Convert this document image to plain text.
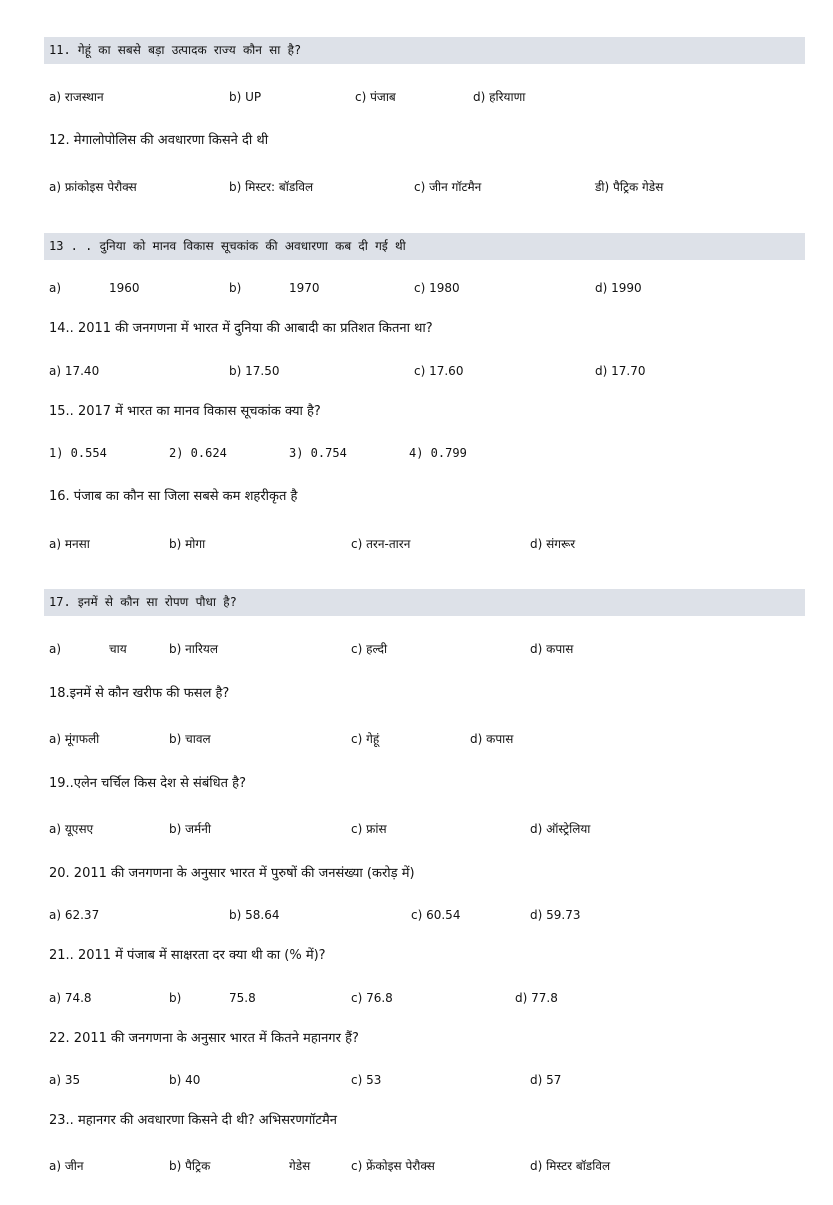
11. गेहूं का सबसे बड़ा उत्पादक राज्य कौन सा है?
a) राजस्थान	b) UP	c) पंजाब	d) हरियाणा
12. मेगालोपोलिस की अवधारणा किसने दी थी
a) फ्रांकोइस पेरौक्स	b) मिस्टर: बॉडविल	c) जीन गॉटमैन	डी) पैट्रिक गेडेस
13 . . दुनिया को मानव विकास सूचकांक की अवधारणा कब दी गई थी
a)	1960	b)	1970	c) 1980	d) 1990
14.. 2011 की जनगणना में भारत में दुनिया की आबादी का प्रतिशत कितना था?
a) 17.40	b) 17.50	c) 17.60	d) 17.70
15.. 2017 में भारत का मानव विकास सूचकांक क्या है?
1) 0.554	2) 0.624	3) 0.754	4) 0.799
16. पंजाब का कौन सा जिला सबसे कम शहरीकृत है
a) मनसा	b) मोगा	c) तरन-तारन	d) संगरूर
17. इनमें से कौन सा रोपण पौधा है?
a)	चाय	b) नारियल	c) हल्दी	d) कपास
18.इनमें से कौन खरीफ की फसल है?
a) मूंगफली	b) चावल	c) गेहूं	d) कपास
19..एलेन चर्चिल किस देश से संबंधित है?
a) यूएसए	b) जर्मनी	c) फ्रांस	d) ऑस्ट्रेलिया
20. 2011 की जनगणना के अनुसार भारत में पुरुषों की जनसंख्या (करोड़ में)
a) 62.37	b) 58.64	c) 60.54	d) 59.73
21.. 2011 में पंजाब में साक्षरता दर क्या थी का (% में)?
a) 74.8	b)	75.8	c) 76.8	d) 77.8
22. 2011 की जनगणना के अनुसार भारत में कितने महानगर हैं?
a) 35	b) 40	c) 53	d) 57
23.. महानगर की अवधारणा किसने दी थी? अभिसरणगॉटमैन
a) जीन	b) पैट्रिक	गेडेस	c) फ्रेंकोइस पेरौक्स	d) मिस्टर बॉडविल
